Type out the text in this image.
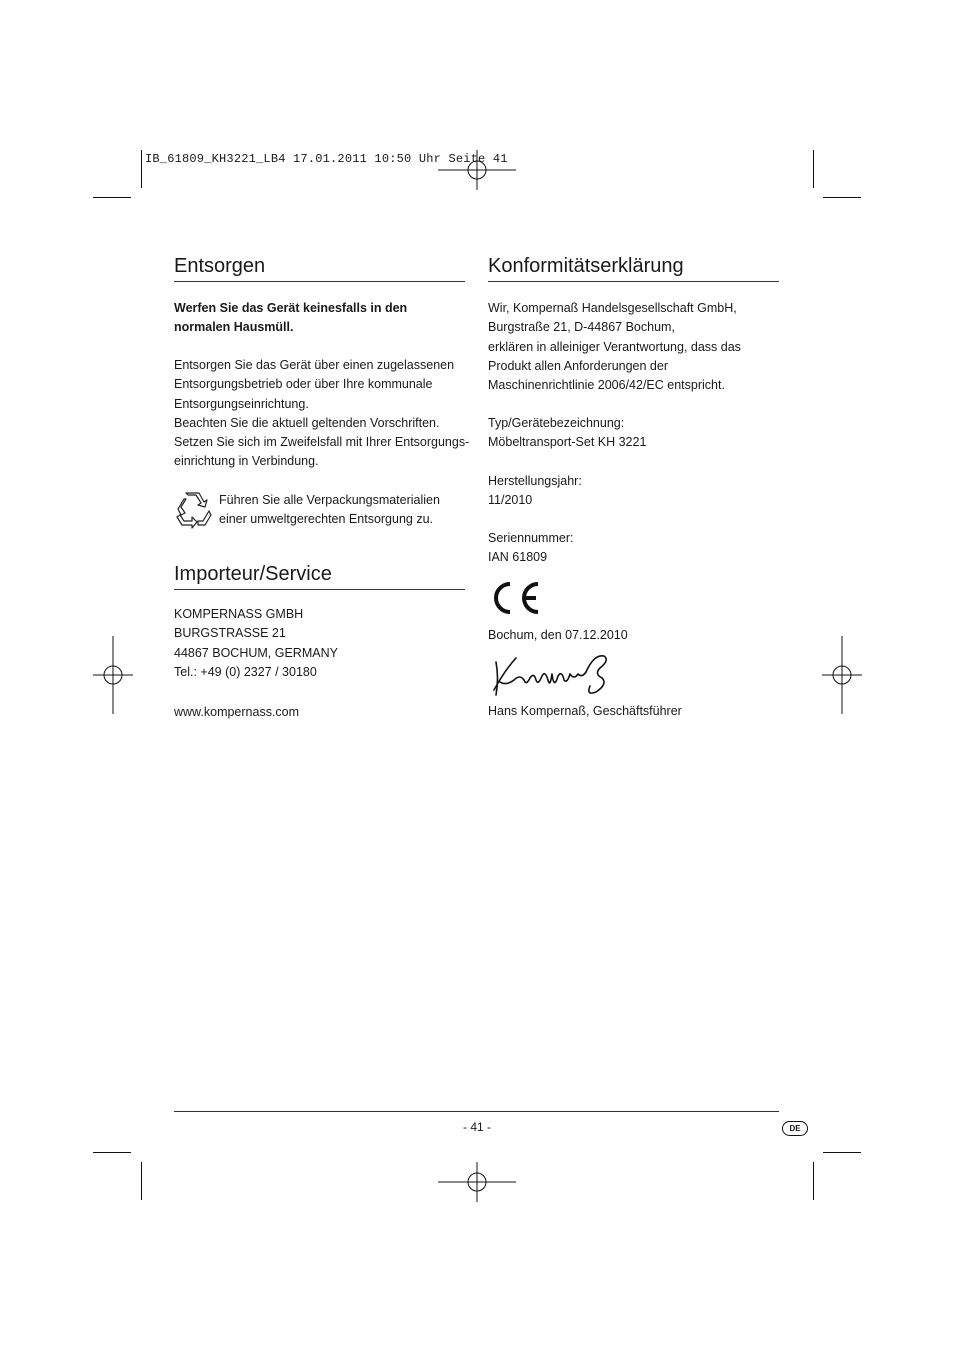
IB_61809_KH3221_LB4 17.01.2011 10:50 Uhr Seite 41
Entsorgen
Werfen Sie das Gerät keinesfalls in den
normalen Hausmüll.
Entsorgen Sie das Gerät über einen zugelassenen
Entsorgungsbetrieb oder über Ihre kommunale
Entsorgungseinrichtung.
Beachten Sie die aktuell geltenden Vorschriften.
Setzen Sie sich im Zweifelsfall mit Ihrer Entsorgungs-
einrichtung in Verbindung.
Führen Sie alle Verpackungsmaterialien
einer umweltgerechten Entsorgung zu.
Importeur/Service
KOMPERNASS GMBH
BURGSTRASSE 21
44867 BOCHUM, GERMANY
Tel.: +49 (0) 2327 / 30180
www.kompernass.com
Konformitätserklärung
Wir, Kompernaß Handelsgesellschaft GmbH,
Burgstraße 21, D-44867 Bochum,
erklären in alleiniger Verantwortung, dass das
Produkt allen Anforderungen der
Maschinenrichtlinie 2006/42/EC entspricht.
Typ/Gerätebezeichnung:
Möbeltransport-Set KH 3221
Herstellungsjahr:
11/2010
Seriennummer:
IAN 61809
Bochum, den 07.12.2010
Hans Kompernaß, Geschäftsführer
- 41 -	DE
